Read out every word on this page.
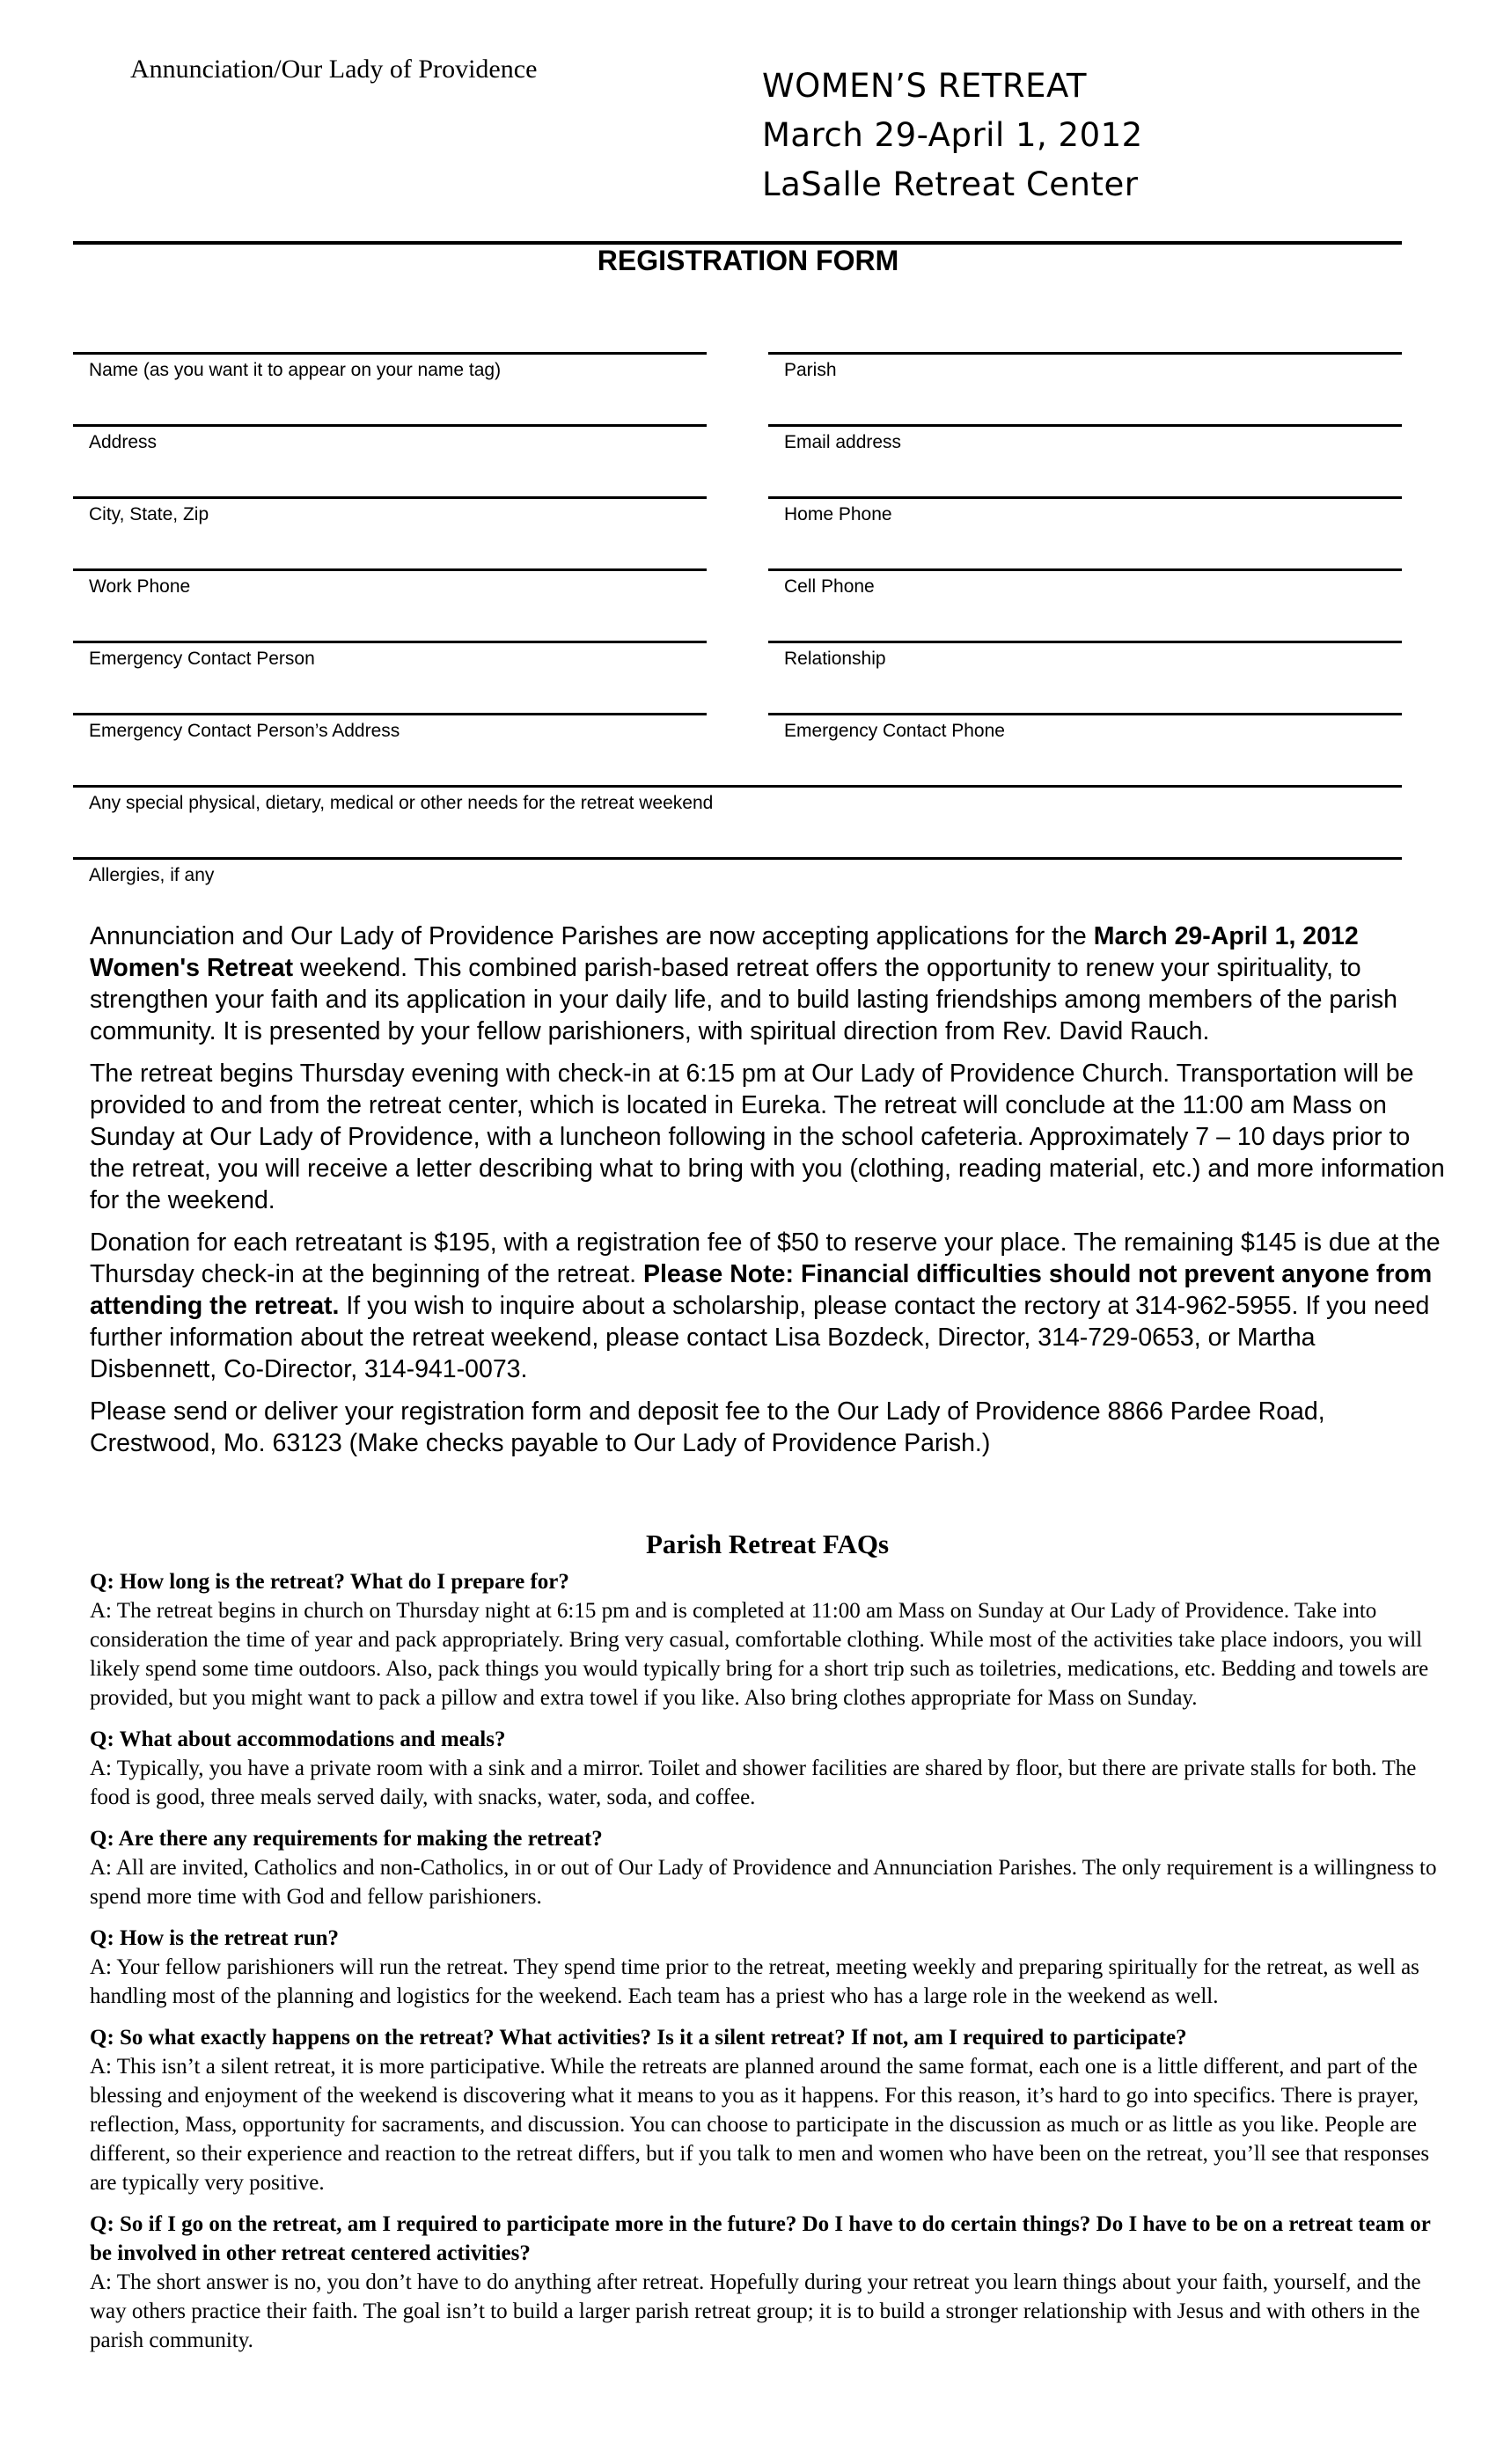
Annunciation/Our Lady of Providence	WOMEN’S RETREAT
March 29-April 1, 2012
LaSalle Retreat Center
REGISTRATION FORM
Name (as you want it to appear on your name tag)
Address
City, State, Zip
Work Phone
Emergency Contact Person
Emergency Contact Person’s Address
Parish
Email address
Home Phone
Cell Phone
Relationship
Emergency Contact Phone
Any special physical, dietary, medical or other needs for the retreat weekend
Allergies, if any

Annunciation and Our Lady of Providence Parishes are now accepting applications for the March 29-April 1, 2012 Women's Retreat weekend. This combined parish-based retreat offers the opportunity to renew your spirituality, to strengthen your faith and its application in your daily life, and to build lasting friendships among members of the parish community. It is presented by your fellow parishioners, with spiritual direction from Rev. David Rauch.

The retreat begins Thursday evening with check-in at 6:15 pm at Our Lady of Providence Church. Transportation will be provided to and from the retreat center, which is located in Eureka. The retreat will conclude at the 11:00 am Mass on Sunday at Our Lady of Providence, with a luncheon following in the school cafeteria. Approximately 7 – 10 days prior to the retreat, you will receive a letter describing what to bring with you (clothing, reading material, etc.) and more information for the weekend.

Donation for each retreatant is $195, with a registration fee of $50 to reserve your place. The remaining $145 is due at the Thursday check-in at the beginning of the retreat. Please Note: Financial difficulties should not prevent anyone from attending the retreat. If you wish to inquire about a scholarship, please contact the rectory at 314-962-5955. If you need further information about the retreat weekend, please contact Lisa Bozdeck, Director, 314-729-0653, or Martha Disbennett, Co-Director, 314-941-0073.

Please send or deliver your registration form and deposit fee to the Our Lady of Providence 8866 Pardee Road, Crestwood, Mo. 63123 (Make checks payable to Our Lady of Providence Parish.)

Parish Retreat FAQs
Q: How long is the retreat? What do I prepare for?
A: The retreat begins in church on Thursday night at 6:15 pm and is completed at 11:00 am Mass on Sunday at Our Lady of Providence. Take into consideration the time of year and pack appropriately. Bring very casual, comfortable clothing. While most of the activities take place indoors, you will likely spend some time outdoors. Also, pack things you would typically bring for a short trip such as toiletries, medications, etc. Bedding and towels are provided, but you might want to pack a pillow and extra towel if you like. Also bring clothes appropriate for Mass on Sunday.
Q: What about accommodations and meals?
A: Typically, you have a private room with a sink and a mirror. Toilet and shower facilities are shared by floor, but there are private stalls for both. The food is good, three meals served daily, with snacks, water, soda, and coffee.
Q: Are there any requirements for making the retreat?
A: All are invited, Catholics and non-Catholics, in or out of Our Lady of Providence and Annunciation Parishes. The only requirement is a willingness to spend more time with God and fellow parishioners.
Q: How is the retreat run?
A: Your fellow parishioners will run the retreat. They spend time prior to the retreat, meeting weekly and preparing spiritually for the retreat, as well as handling most of the planning and logistics for the weekend. Each team has a priest who has a large role in the weekend as well.
Q: So what exactly happens on the retreat? What activities? Is it a silent retreat? If not, am I required to participate?
A: This isn’t a silent retreat, it is more participative. While the retreats are planned around the same format, each one is a little different, and part of the blessing and enjoyment of the weekend is discovering what it means to you as it happens. For this reason, it’s hard to go into specifics. There is prayer, reflection, Mass, opportunity for sacraments, and discussion. You can choose to participate in the discussion as much or as little as you like. People are different, so their experience and reaction to the retreat differs, but if you talk to men and women who have been on the retreat, you’ll see that responses are typically very positive.
Q: So if I go on the retreat, am I required to participate more in the future? Do I have to do certain things? Do I have to be on a retreat team or be involved in other retreat centered activities?
A: The short answer is no, you don’t have to do anything after retreat. Hopefully during your retreat you learn things about your faith, yourself, and the way others practice their faith. The goal isn’t to build a larger parish retreat group; it is to build a stronger relationship with Jesus and with others in the parish community.
